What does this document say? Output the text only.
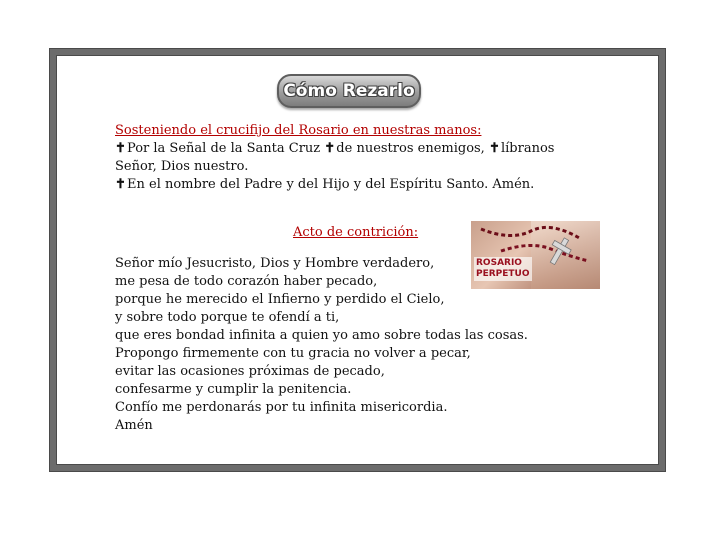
Cómo Rezarlo
Sosteniendo el crucifijo del Rosario en nuestras manos:
✝Por la Señal de la Santa Cruz ✝de nuestros enemigos, ✝líbranos
Señor, Dios nuestro.
✝En el nombre del Padre y del Hijo y del Espíritu Santo. Amén.
Acto de contrición:
ROSARIO
PERPETUO
Señor mío Jesucristo, Dios y Hombre verdadero,
me pesa de todo corazón haber pecado,
porque he merecido el Infierno y perdido el Cielo,
y sobre todo porque te ofendí a ti,
que eres bondad infinita a quien yo amo sobre todas las cosas.
Propongo firmemente con tu gracia no volver a pecar,
evitar las ocasiones próximas de pecado,
confesarme y cumplir la penitencia.
Confío me perdonarás por tu infinita misericordia.
Amén
